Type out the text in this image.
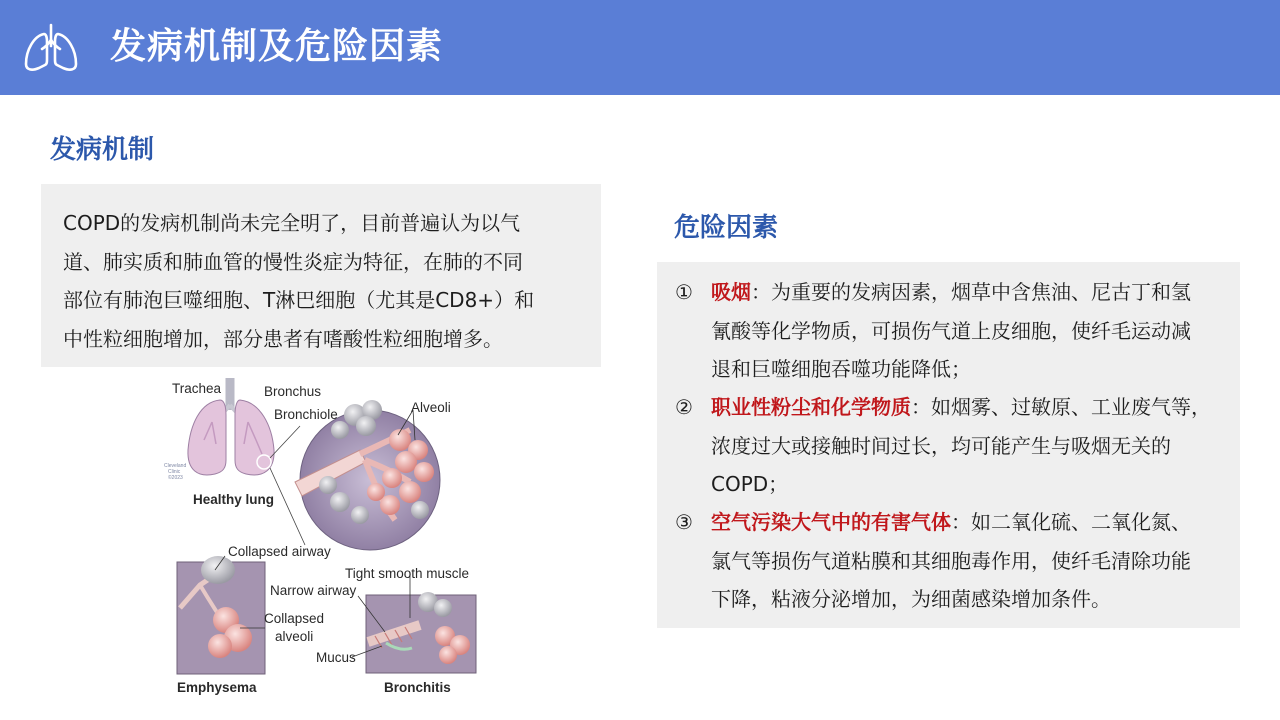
发病机制及危险因素
发病机制
COPD的发病机制尚未完全明了，目前普遍认为以气
道、肺实质和肺血管的慢性炎症为特征，在肺的不同
部位有肺泡巨噬细胞、T淋巴细胞（尤其是CD8+）和
中性粒细胞增加，部分患者有嗜酸性粒细胞增多。
Trachea	Bronchus
Bronchiole	Alveoli
Healthy lung
Collapsed airway
Tight smooth muscle
Narrow airway
Collapsed
alveoli
Mucus
Emphysema	Bronchitis
Cleveland
Clinic
©2023
危险因素
① 吸烟：为重要的发病因素，烟草中含焦油、尼古丁和氢
氰酸等化学物质，可损伤气道上皮细胞，使纤毛运动减
退和巨噬细胞吞噬功能降低；
② 职业性粉尘和化学物质：如烟雾、过敏原、工业废气等，
浓度过大或接触时间过长，均可能产生与吸烟无关的
COPD；
③ 空气污染大气中的有害气体：如二氧化硫、二氧化氮、
氯气等损伤气道粘膜和其细胞毒作用，使纤毛清除功能
下降，粘液分泌增加，为细菌感染增加条件。
